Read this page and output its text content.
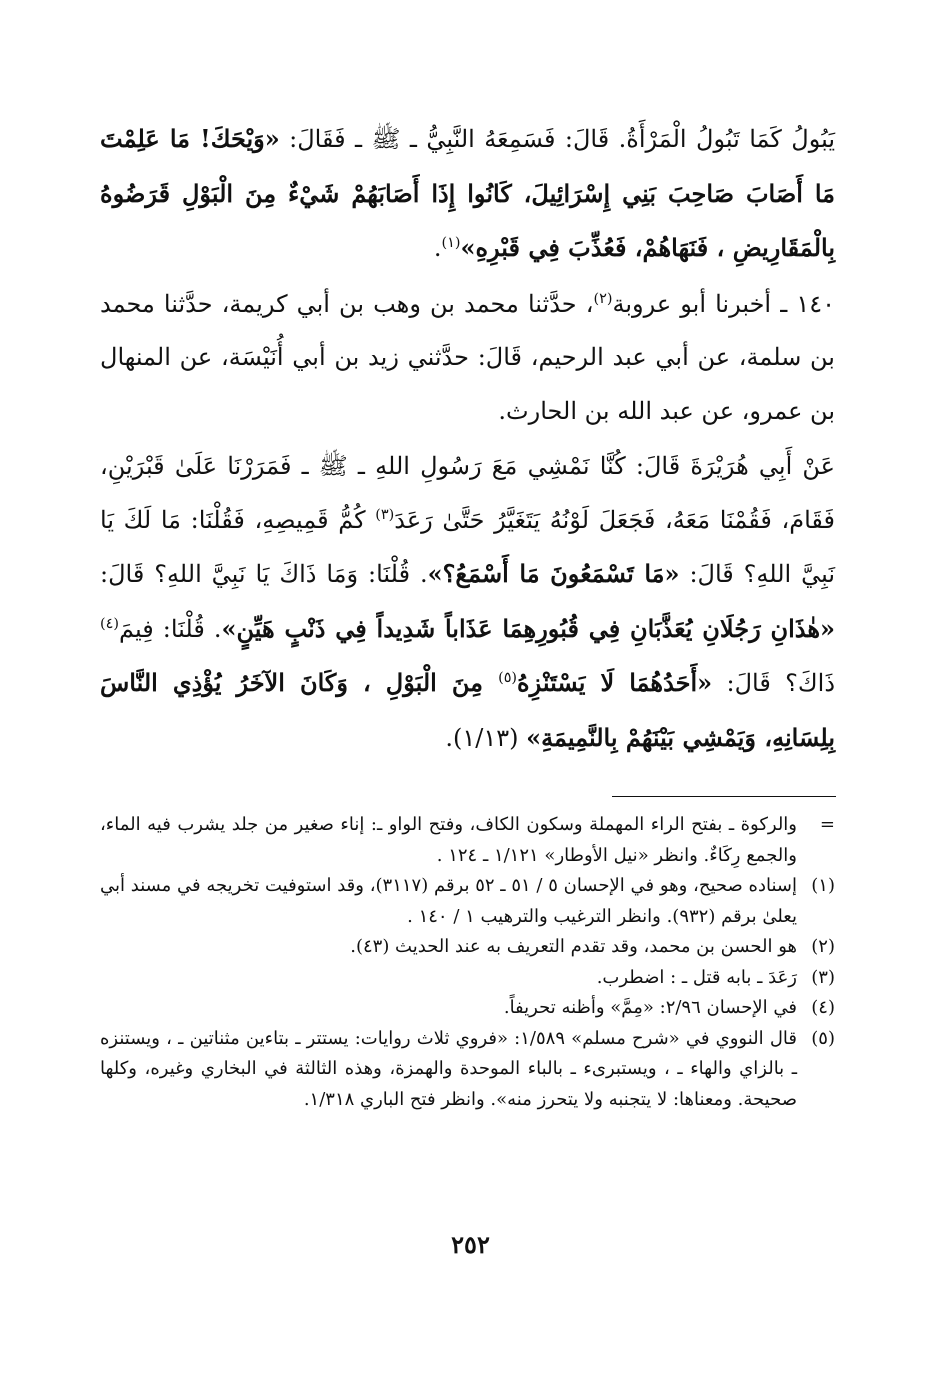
يَبُولُ كَمَا تَبُولُ الْمَرْأَةُ. قَالَ: فَسَمِعَهُ النَّبِيُّ ـ ﷺ ـ فَقَالَ: «وَيْحَكَ! مَا عَلِمْتَ مَا أَصَابَ صَاحِبَ بَنِي إِسْرَائِيلَ، كَانُوا إِذَا أَصَابَهُمْ شَيْءٌ مِنَ الْبَوْلِ قَرَضُوهُ بِالْمَقَارِيضِ ، فَنَهَاهُمْ، فَعُذِّبَ فِي قَبْرِهِ»$^{(١)}$.

١٤٠ ـ أخبرنا أبو عروبة$^{(٢)}$، حدَّثنا محمد بن وهب بن أبي كريمة، حدَّثنا محمد بن سلمة، عن أبي عبد الرحيم، قَالَ: حدَّثني زيد بن أبي أُنَيْسَة، عن المنهال بن عمرو، عن عبد الله بن الحارث.

عَنْ أَبِي هُرَيْرَةَ قَالَ: كُنَّا نَمْشِي مَعَ رَسُولِ اللهِ ـ ﷺ ـ فَمَرَرْنَا عَلَىٰ قَبْرَيْنِ، فَقَامَ، فَقُمْنَا مَعَهُ، فَجَعَلَ لَوْنُهُ يَتَغَيَّرُ حَتَّىٰ رَعَدَ$^{(٣)}$ كُمُّ قَمِيصِهِ، فَقُلْنَا: مَا لَكَ يَا نَبِيَّ اللهِ؟ قَالَ: «مَا تَسْمَعُونَ مَا أَسْمَعُ؟». قُلْنَا: وَمَا ذَاكَ يَا نَبِيَّ اللهِ؟ قَالَ: «هٰذَانِ رَجُلَانِ يُعَذَّبَانِ فِي قُبُورِهِمَا عَذَاباً شَدِيداً فِي ذَنْبٍ هَيِّنٍ». قُلْنَا: فِيمَ$^{(٤)}$ ذَاكَ؟ قَالَ: «أَحَدُهُمَا لَا يَسْتَنْزِهُ$^{(٥)}$ مِنَ الْبَوْلِ ، وَكَانَ الآخَرُ يُؤْذِي النَّاسَ بِلِسَانِهِ، وَيَمْشِي بَيْنَهُمْ بِالنَّمِيمَةِ» (١/١٣).

=والركوة ـ بفتح الراء المهملة وسكون الكاف، وفتح الواو ـ: إناء صغير من جلد يشرب فيه الماء، والجمع رِكَاءٌ. وانظر «نيل الأوطار» ١/١٢١ ـ ١٢٤ .

(١)إسناده صحيح، وهو في الإحسان ٥ / ٥١ ـ ٥٢ برقم (٣١١٧)، وقد استوفيت تخريجه في مسند أبي يعلىٰ برقم (٩٣٢). وانظر الترغيب والترهيب ١ / ١٤٠ .

(٢)هو الحسن بن محمد، وقد تقدم التعريف به عند الحديث (٤٣).

(٣)رَعَدَ ـ بابه قتل ـ : اضطرب.

(٤)في الإحسان ٢/٩٦: «مِمَّ» وأظنه تحريفاً.

(٥)قال النووي في «شرح مسلم» ١/٥٨٩: «فروي ثلاث روايات: يستتر ـ بتاءين مثناتين ـ ، ويستنزه ـ بالزاي والهاء ـ ، ويستبرىء ـ بالباء الموحدة والهمزة، وهذه الثالثة في البخاري وغيره، وكلها صحيحة. ومعناها: لا يتجنبه ولا يتحرز منه». وانظر فتح الباري ١/٣١٨.

٢٥٢
